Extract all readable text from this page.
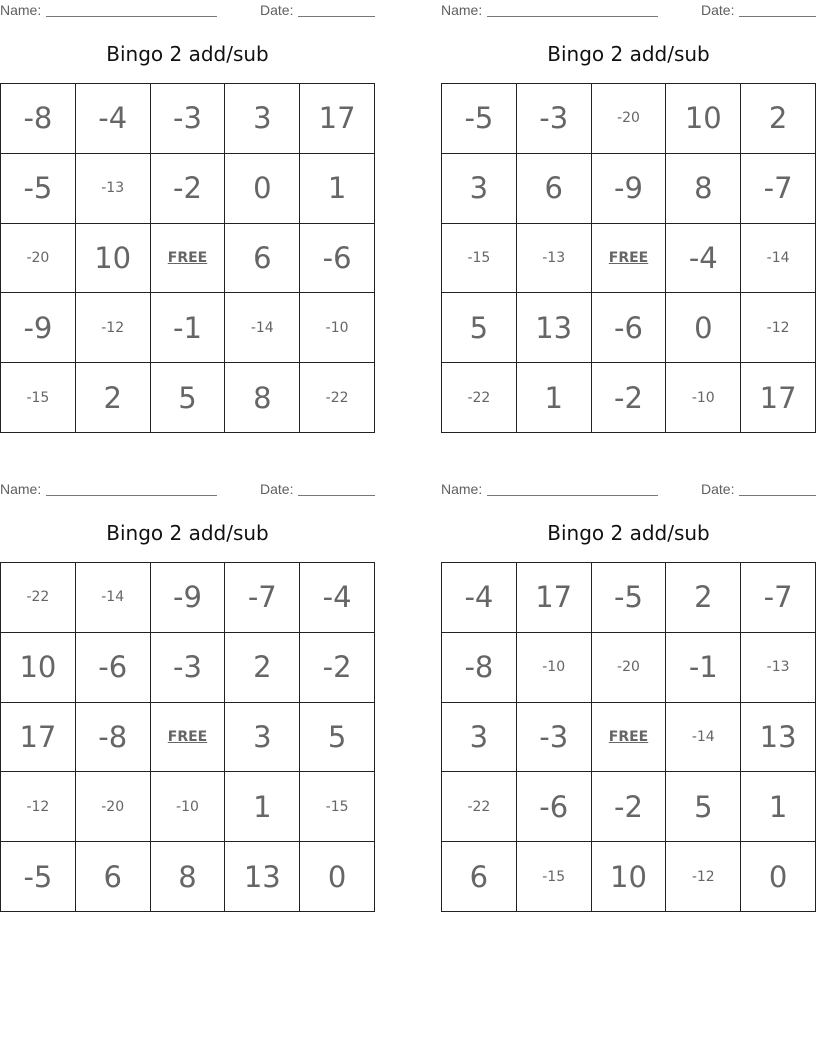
Name:	Date:
Bingo 2 add/sub
-8	-4	-3	3	17
-5	-13	-2	0	1
-20	10	FREE	6	-6
-9	-12	-1	-14	-10
-15	2	5	8	-22
Name:	Date:
Bingo 2 add/sub
-5	-3	-20	10	2
3	6	-9	8	-7
-15	-13	FREE	-4	-14
5	13	-6	0	-12
-22	1	-2	-10	17
Name:	Date:
Bingo 2 add/sub
-22	-14	-9	-7	-4
10	-6	-3	2	-2
17	-8	FREE	3	5
-12	-20	-10	1	-15
-5	6	8	13	0
Name:	Date:
Bingo 2 add/sub
-4	17	-5	2	-7
-8	-10	-20	-1	-13
3	-3	FREE	-14	13
-22	-6	-2	5	1
6	-15	10	-12	0
